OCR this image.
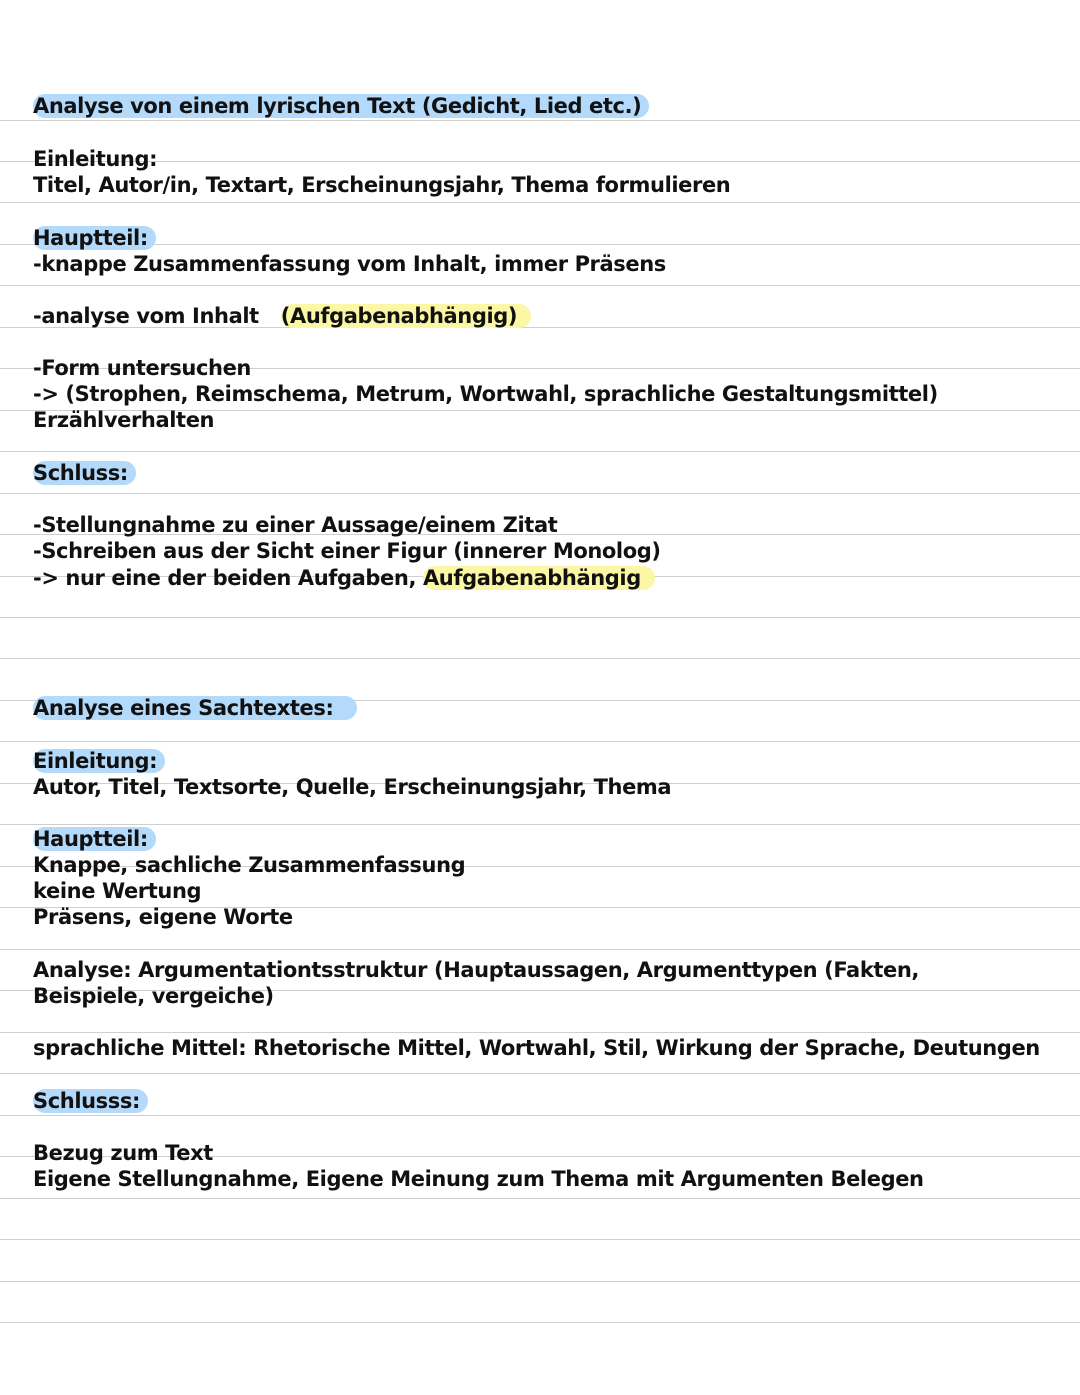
Analyse von einem lyrischen Text (Gedicht, Lied etc.)
Einleitung:
Titel, Autor/in, Textart, Erscheinungsjahr, Thema formulieren
Hauptteil:
-knappe Zusammenfassung vom Inhalt, immer Präsens
-analyse vom Inhalt (Aufgabenabhängig)
-Form untersuchen
-> (Strophen, Reimschema, Metrum, Wortwahl, sprachliche Gestaltungsmittel)
Erzählverhalten
Schluss:
-Stellungnahme zu einer Aussage/einem Zitat
-Schreiben aus der Sicht einer Figur (innerer Monolog)
-> nur eine der beiden Aufgaben, Aufgabenabhängig
Analyse eines Sachtextes:
Einleitung:
Autor, Titel, Textsorte, Quelle, Erscheinungsjahr, Thema
Hauptteil:
Knappe, sachliche Zusammenfassung
keine Wertung
Präsens, eigene Worte
Analyse: Argumentationtsstruktur (Hauptaussagen, Argumenttypen (Fakten,
Beispiele, vergeiche)
sprachliche Mittel: Rhetorische Mittel, Wortwahl, Stil, Wirkung der Sprache, Deutungen
Schlusss:
Bezug zum Text
Eigene Stellungnahme, Eigene Meinung zum Thema mit Argumenten Belegen
